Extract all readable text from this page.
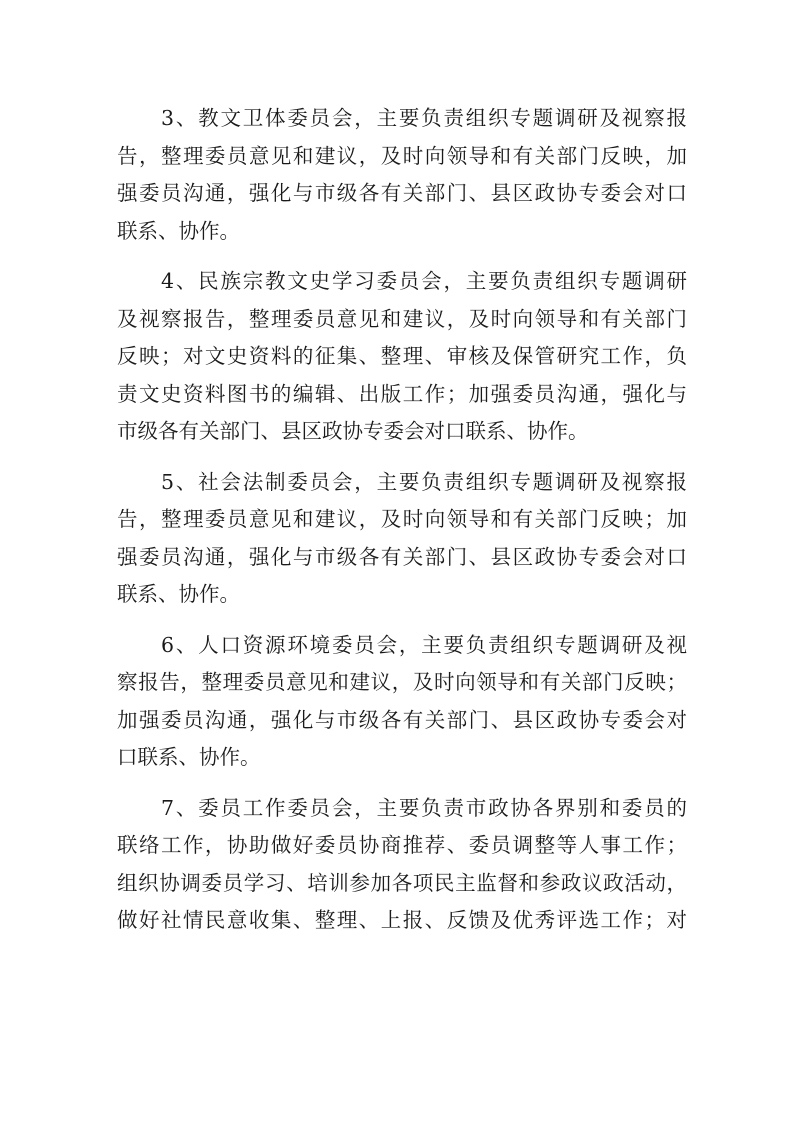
3、教文卫体委员会，主要负责组织专题调研及视察报
告，整理委员意见和建议，及时向领导和有关部门反映，加
强委员沟通，强化与市级各有关部门、县区政协专委会对口
联系、协作。

4、民族宗教文史学习委员会，主要负责组织专题调研
及视察报告，整理委员意见和建议，及时向领导和有关部门
反映；对文史资料的征集、整理、审核及保管研究工作，负
责文史资料图书的编辑、出版工作；加强委员沟通，强化与
市级各有关部门、县区政协专委会对口联系、协作。

5、社会法制委员会，主要负责组织专题调研及视察报
告，整理委员意见和建议，及时向领导和有关部门反映；加
强委员沟通，强化与市级各有关部门、县区政协专委会对口
联系、协作。

6、人口资源环境委员会，主要负责组织专题调研及视
察报告，整理委员意见和建议，及时向领导和有关部门反映；
加强委员沟通，强化与市级各有关部门、县区政协专委会对
口联系、协作。

7、委员工作委员会，主要负责市政协各界别和委员的
联络工作，协助做好委员协商推荐、委员调整等人事工作；
组织协调委员学习、培训参加各项民主监督和参政议政活动，
做好社情民意收集、整理、上报、反馈及优秀评选工作；对
